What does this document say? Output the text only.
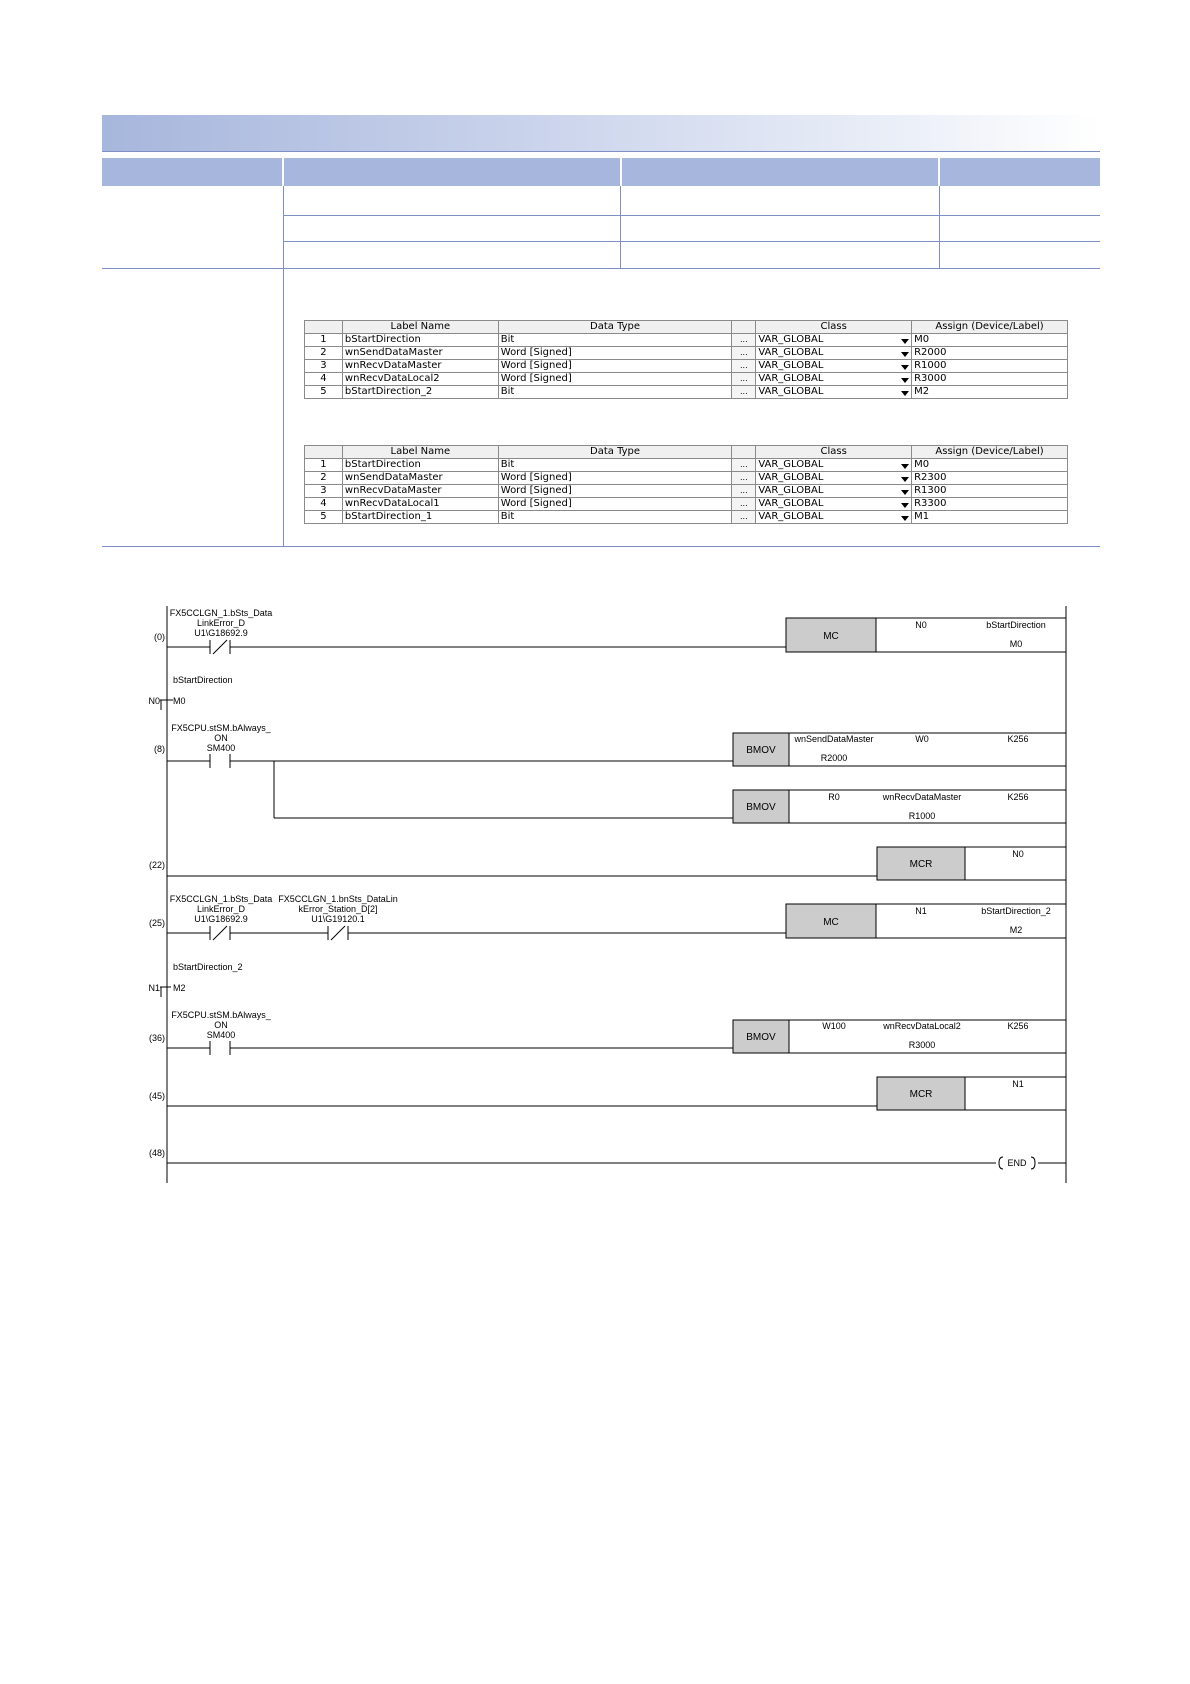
	Label Name	Data Type		Class	Assign (Device/Label)
1	bStartDirection	Bit	...	VAR_GLOBAL	M0
2	wnSendDataMaster	Word [Signed]	...	VAR_GLOBAL	R2000
3	wnRecvDataMaster	Word [Signed]	...	VAR_GLOBAL	R1000
4	wnRecvDataLocal2	Word [Signed]	...	VAR_GLOBAL	R3000
5	bStartDirection_2	Bit	...	VAR_GLOBAL	M2
	Label Name	Data Type		Class	Assign (Device/Label)
1	bStartDirection	Bit	...	VAR_GLOBAL	M0
2	wnSendDataMaster	Word [Signed]	...	VAR_GLOBAL	R2300
3	wnRecvDataMaster	Word [Signed]	...	VAR_GLOBAL	R1300
4	wnRecvDataLocal1	Word [Signed]	...	VAR_GLOBAL	R3300
5	bStartDirection_1	Bit	...	VAR_GLOBAL	M1
(0)
(8)
(22)
(25)
(36)
(45)
(48)
FX5CCLGN_1.bSts_Data
LinkError_D
U1\G18692.9	MC
N0	bStartDirection
M0
bStartDirection
N0 M0
FX5CPU.stSM.bAlways_
ON
SM400	BMOV
wnSendDataMaster
R2000
W0	K256
BMOV
R0	wnRecvDataMaster
R1000
K256
MCR
N0
FX5CCLGN_1.bSts_Data
LinkError_D
U1\G18692.9
FX5CCLGN_1.bnSts_DataLin
kError_Station_D[2]
U1\G19120.1	MC
N1	bStartDirection_2
M2
bStartDirection_2
N1 M2
FX5CPU.stSM.bAlways_
ON
SM400	BMOV
W100	wnRecvDataLocal2
R3000
K256
MCR
N1
END
